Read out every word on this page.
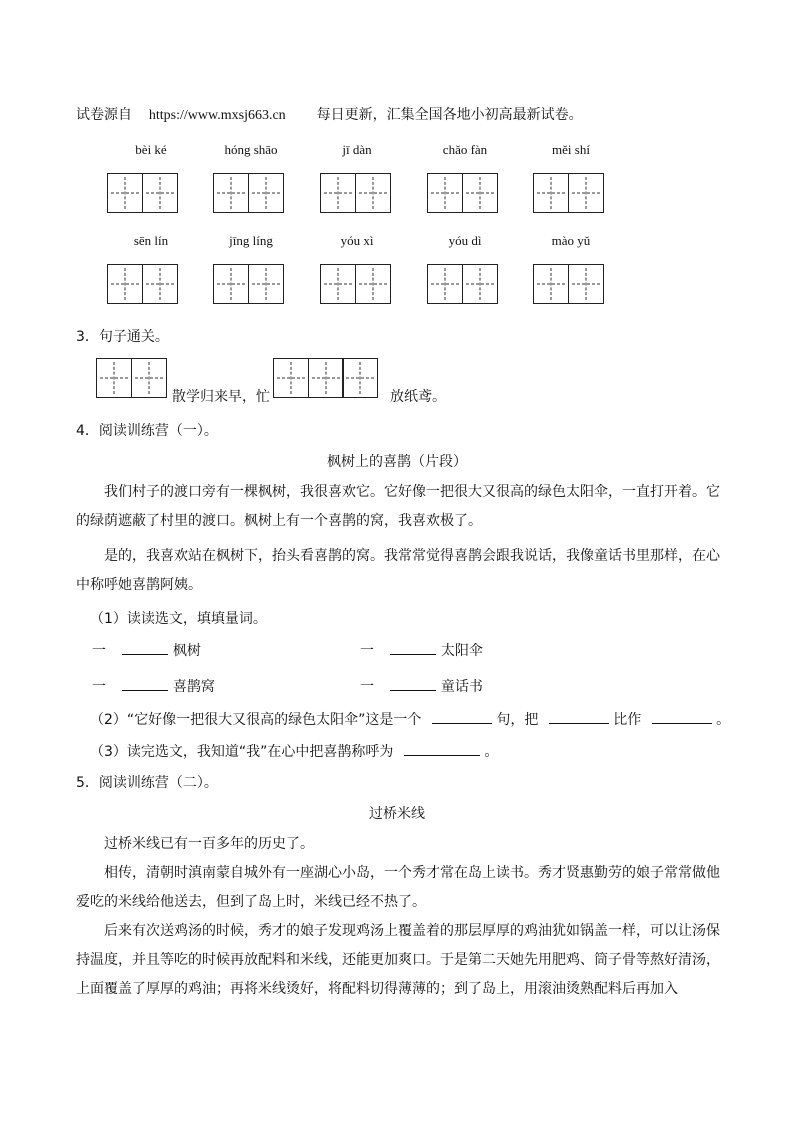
试卷源自 https://www.mxsj663.cn 每日更新，汇集全国各地小初高最新试卷。
bèi ké	hóng shāo	jī dàn	chǎo fàn	měi shí
sēn lín	jīng líng	yóu xì	yóu dì	mào yǔ
3．句子通关。
散学归来早，忙	放纸鸢。
4．阅读训练营（一）。
枫树上的喜鹊（片段）
我们村子的渡口旁有一棵枫树，我很喜欢它。它好像一把很大又很高的绿色太阳伞，一直打开着。它的绿荫遮蔽了村里的渡口。枫树上有一个喜鹊的窝，我喜欢极了。
是的，我喜欢站在枫树下，抬头看喜鹊的窝。我常常觉得喜鹊会跟我说话，我像童话书里那样，在心中称呼她喜鹊阿姨。
（1）读读选文，填填量词。
一	枫树	一	太阳伞
一	喜鹊窝	一	童话书
（2）“它好像一把很大又很高的绿色太阳伞”这是一个	句，把	比作	。
（3）读完选文，我知道“我”在心中把喜鹊称呼为	。
5．阅读训练营（二）。
过桥米线
过桥米线已有一百多年的历史了。
相传，清朝时滇南蒙自城外有一座湖心小岛，一个秀才常在岛上读书。秀才贤惠勤劳的娘子常常做他爱吃的米线给他送去，但到了岛上时，米线已经不热了。
后来有次送鸡汤的时候，秀才的娘子发现鸡汤上覆盖着的那层厚厚的鸡油犹如锅盖一样，可以让汤保持温度，并且等吃的时候再放配料和米线，还能更加爽口。于是第二天她先用肥鸡、筒子骨等熬好清汤，上面覆盖了厚厚的鸡油；再将米线烫好，将配料切得薄薄的；到了岛上，用滚油烫熟配料后再加入
